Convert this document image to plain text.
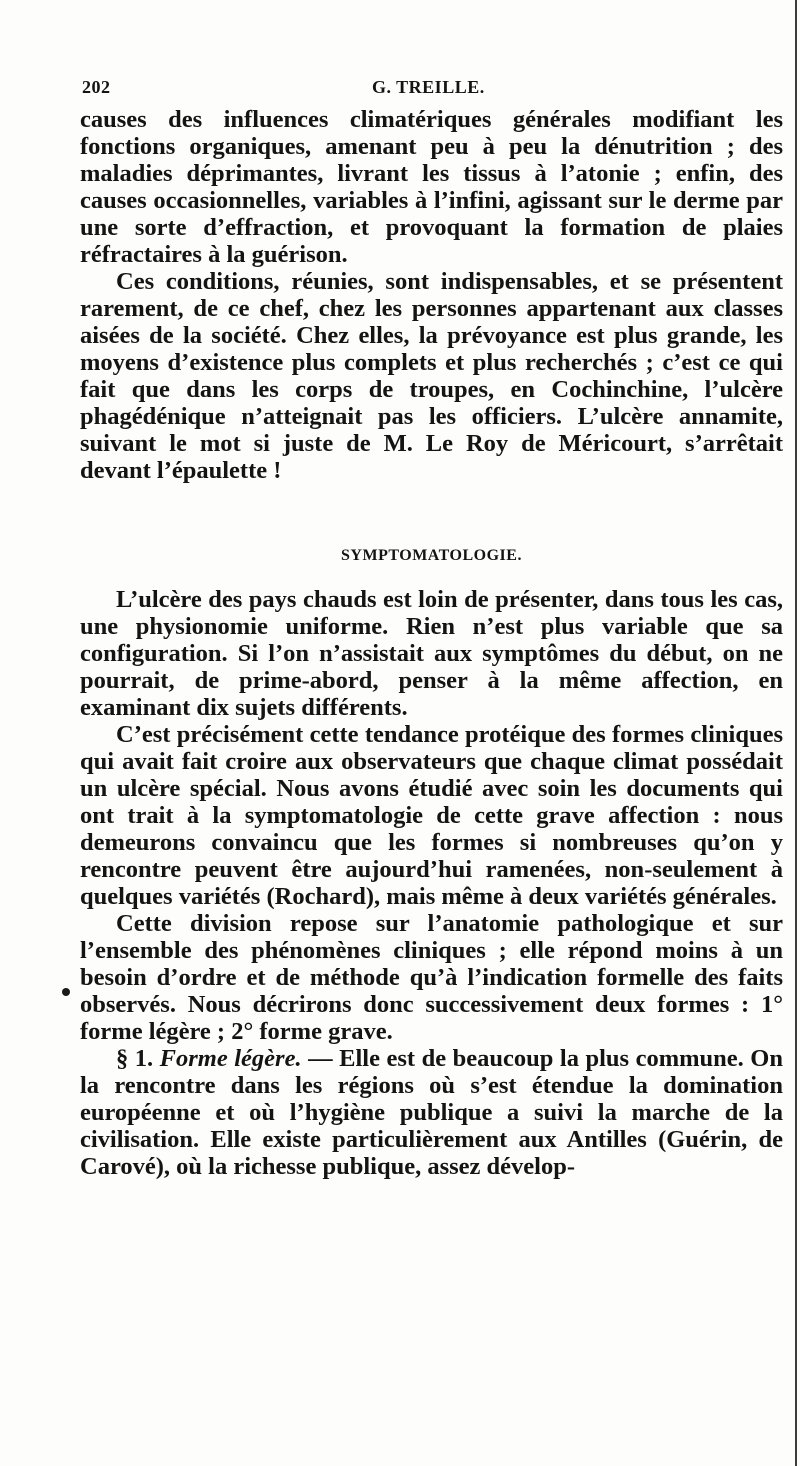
202	G. TREILLE.

causes des influences climatériques générales modifiant les fonctions organiques, amenant peu à peu la dénutrition ; des maladies déprimantes, livrant les tissus à l’atonie ; enfin, des causes occasionnelles, variables à l’infini, agissant sur le derme par une sorte d’effraction, et provoquant la formation de plaies réfractaires à la guérison.

Ces conditions, réunies, sont indispensables, et se présentent rarement, de ce chef, chez les personnes appartenant aux classes aisées de la société. Chez elles, la prévoyance est plus grande, les moyens d’existence plus complets et plus recherchés ; c’est ce qui fait que dans les corps de troupes, en Cochinchine, l’ulcère phagédénique n’atteignait pas les officiers. L’ulcère annamite, suivant le mot si juste de M. Le Roy de Méricourt, s’arrêtait devant l’épaulette !

SYMPTOMATOLOGIE.

L’ulcère des pays chauds est loin de présenter, dans tous les cas, une physionomie uniforme. Rien n’est plus variable que sa configuration. Si l’on n’assistait aux symptômes du début, on ne pourrait, de prime-abord, penser à la même affection, en examinant dix sujets différents.

C’est précisément cette tendance protéique des formes cliniques qui avait fait croire aux observateurs que chaque climat possédait un ulcère spécial. Nous avons étudié avec soin les documents qui ont trait à la symptomatologie de cette grave affection : nous demeurons convaincu que les formes si nombreuses qu’on y rencontre peuvent être aujourd’hui ramenées, non-seulement à quelques variétés (Rochard), mais même à deux variétés générales.

Cette division repose sur l’anatomie pathologique et sur l’ensemble des phénomènes cliniques ; elle répond moins à un besoin d’ordre et de méthode qu’à l’indication formelle des faits observés. Nous décrirons donc successivement deux formes : 1° forme légère ; 2° forme grave.

§ 1. Forme légère. — Elle est de beaucoup la plus commune. On la rencontre dans les régions où s’est étendue la domination européenne et où l’hygiène publique a suivi la marche de la civilisation. Elle existe particulièrement aux Antilles (Guérin, de Carové), où la richesse publique, assez dévelop-
